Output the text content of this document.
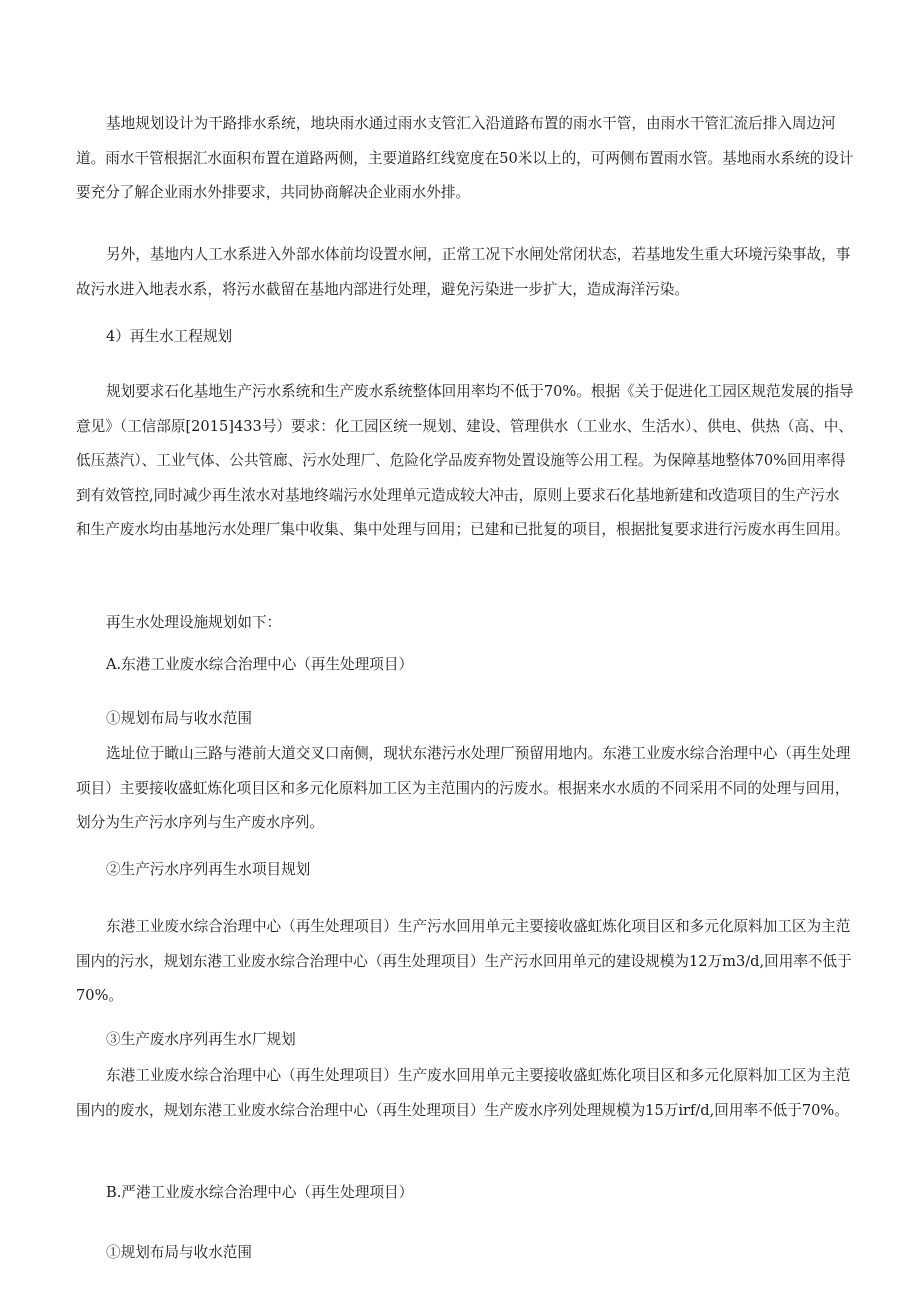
基地规划设计为干路排水系统，地块雨水通过雨水支管汇入沿道路布置的雨水干管，由雨水干管汇流后排入周边河道。雨水干管根据汇水面积布置在道路两侧，主要道路红线宽度在50米以上的，可两侧布置雨水管。基地雨水系统的设计要充分了解企业雨水外排要求，共同协商解决企业雨水外排。

另外，基地内人工水系进入外部水体前均设置水闸，正常工况下水闸处常闭状态，若基地发生重大环境污染事故，事故污水进入地表水系，将污水截留在基地内部进行处理，避免污染进一步扩大，造成海洋污染。

4）再生水工程规划

规划要求石化基地生产污水系统和生产废水系统整体回用率均不低于70%。根据《关于促进化工园区规范发展的指导意见》（工信部原[2015]433号）要求：化工园区统一规划、建设、管理供水（工业水、生活水）、供电、供热（高、中、低压蒸汽）、工业气体、公共管廊、污水处理厂、危险化学品废弃物处置设施等公用工程。为保障基地整体70%回用率得到有效管控,同时减少再生浓水对基地终端污水处理单元造成较大冲击，原则上要求石化基地新建和改造项目的生产污水和生产废水均由基地污水处理厂集中收集、集中处理与回用；已建和已批复的项目，根据批复要求进行污废水再生回用。

再生水处理设施规划如下：

A.东港工业废水综合治理中心（再生处理项目）

①规划布局与收水范围

选址位于瞰山三路与港前大道交叉口南侧，现状东港污水处理厂预留用地内。东港工业废水综合治理中心（再生处理项目）主要接收盛虹炼化项目区和多元化原料加工区为主范围内的污废水。根据来水水质的不同采用不同的处理与回用，划分为生产污水序列与生产废水序列。

②生产污水序列再生水项目规划

东港工业废水综合治理中心（再生处理项目）生产污水回用单元主要接收盛虹炼化项目区和多元化原料加工区为主范围内的污水，规划东港工业废水综合治理中心（再生处理项目）生产污水回用单元的建设规模为12万m3∕d,回用率不低于70%。

③生产废水序列再生水厂规划

东港工业废水综合治理中心（再生处理项目）生产废水回用单元主要接收盛虹炼化项目区和多元化原料加工区为主范围内的废水，规划东港工业废水综合治理中心（再生处理项目）生产废水序列处理规模为15万irf/d,回用率不低于70%。

B.严港工业废水综合治理中心（再生处理项目）

①规划布局与收水范围
